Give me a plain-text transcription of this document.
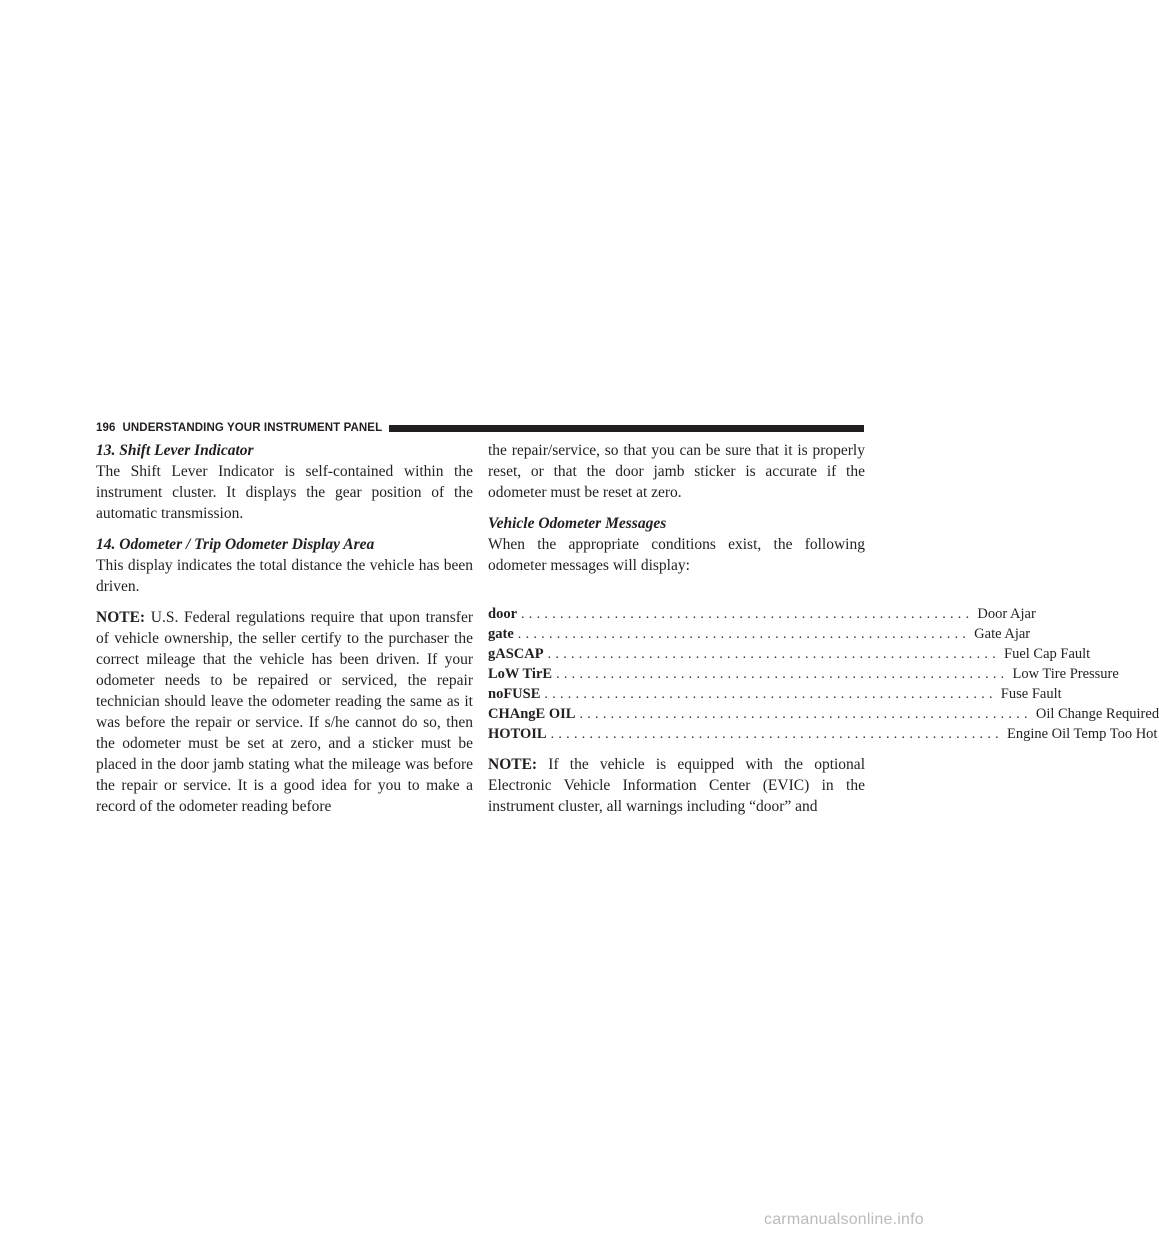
196 UNDERSTANDING YOUR INSTRUMENT PANEL

13. Shift Lever Indicator

The Shift Lever Indicator is self-contained within the instrument cluster. It displays the gear position of the automatic transmission.

14. Odometer / Trip Odometer Display Area

This display indicates the total distance the vehicle has been driven.

NOTE: U.S. Federal regulations require that upon transfer of vehicle ownership, the seller certify to the purchaser the correct mileage that the vehicle has been driven. If your odometer needs to be repaired or serviced, the repair technician should leave the odometer reading the same as it was before the repair or service. If s/he cannot do so, then the odometer must be set at zero, and a sticker must be placed in the door jamb stating what the mileage was before the repair or service. It is a good idea for you to make a record of the odometer reading before

the repair/service, so that you can be sure that it is properly reset, or that the door jamb sticker is accurate if the odometer must be reset at zero.

Vehicle Odometer Messages

When the appropriate conditions exist, the following odometer messages will display:

door .......................................................... Door Ajar
gate .......................................................... Gate Ajar
gASCAP .......................................................... Fuel Cap Fault
LoW TirE .......................................................... Low Tire Pressure
noFUSE .......................................................... Fuse Fault
CHAngE OIL .......................................................... Oil Change Required
HOTOIL .......................................................... Engine Oil Temp Too Hot

NOTE: If the vehicle is equipped with the optional Electronic Vehicle Information Center (EVIC) in the instrument cluster, all warnings including “door” and

carmanualsonline.info
